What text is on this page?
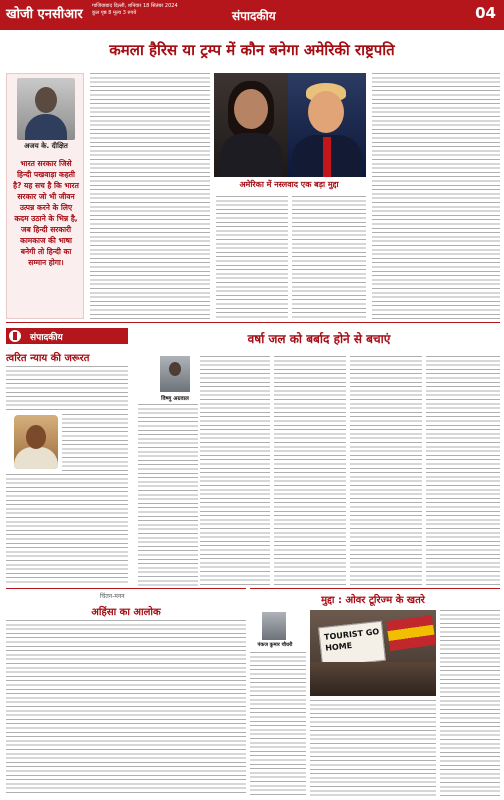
खोजी एनसीआर
गाजियाबाद दिल्ली, शनिवार 18 सितंबर 2024
कुल पृष्ठ 8 मूल्य 3 रुपये	संपादकीय	04
कमला हैरिस या ट्रम्प में कौन बनेगा अमेरिकी राष्ट्रपति
अजय के. दीक्षित
भारत सरकार जिसे हिन्दी पखवाड़ा कहती है? यह सच है कि भारत सरकार जो भी जीवन उत्पन्न करने के लिए कदम उठाने के भिन्न है, जब हिन्दी सरकारी कामकाज की भाषा बनेगी तो हिन्दी का सम्मान होगा।
अमेरिका में नस्लवाद एक बड़ा मुद्दा
संपादकीय
त्वरित न्याय की जरूरत
चिंतन-मनन
अहिंसा का आलोक
वर्षा जल को बर्बाद होने से बचाएं
विष्णु अग्रवाल
मुद्दा : ओवर टूरिज्म के खतरे
पंकज कुमार चौधरी
TOURIST GO HOME
